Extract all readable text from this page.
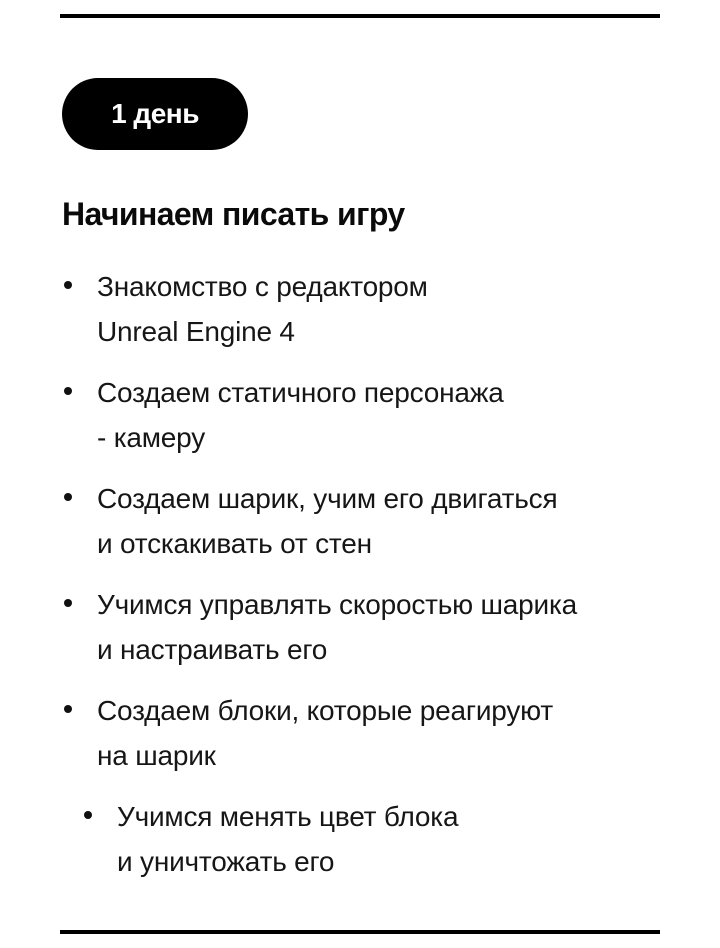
1 день
Начинаем писать игру
Знакомство с редактором
Unreal Engine 4
Создаем статичного персонажа
- камеру
Создаем шарик, учим его двигаться
и отскакивать от стен
Учимся управлять скоростью шарика
и настраивать его
Создаем блоки, которые реагируют
на шарик
Учимся менять цвет блока
и уничтожать его
